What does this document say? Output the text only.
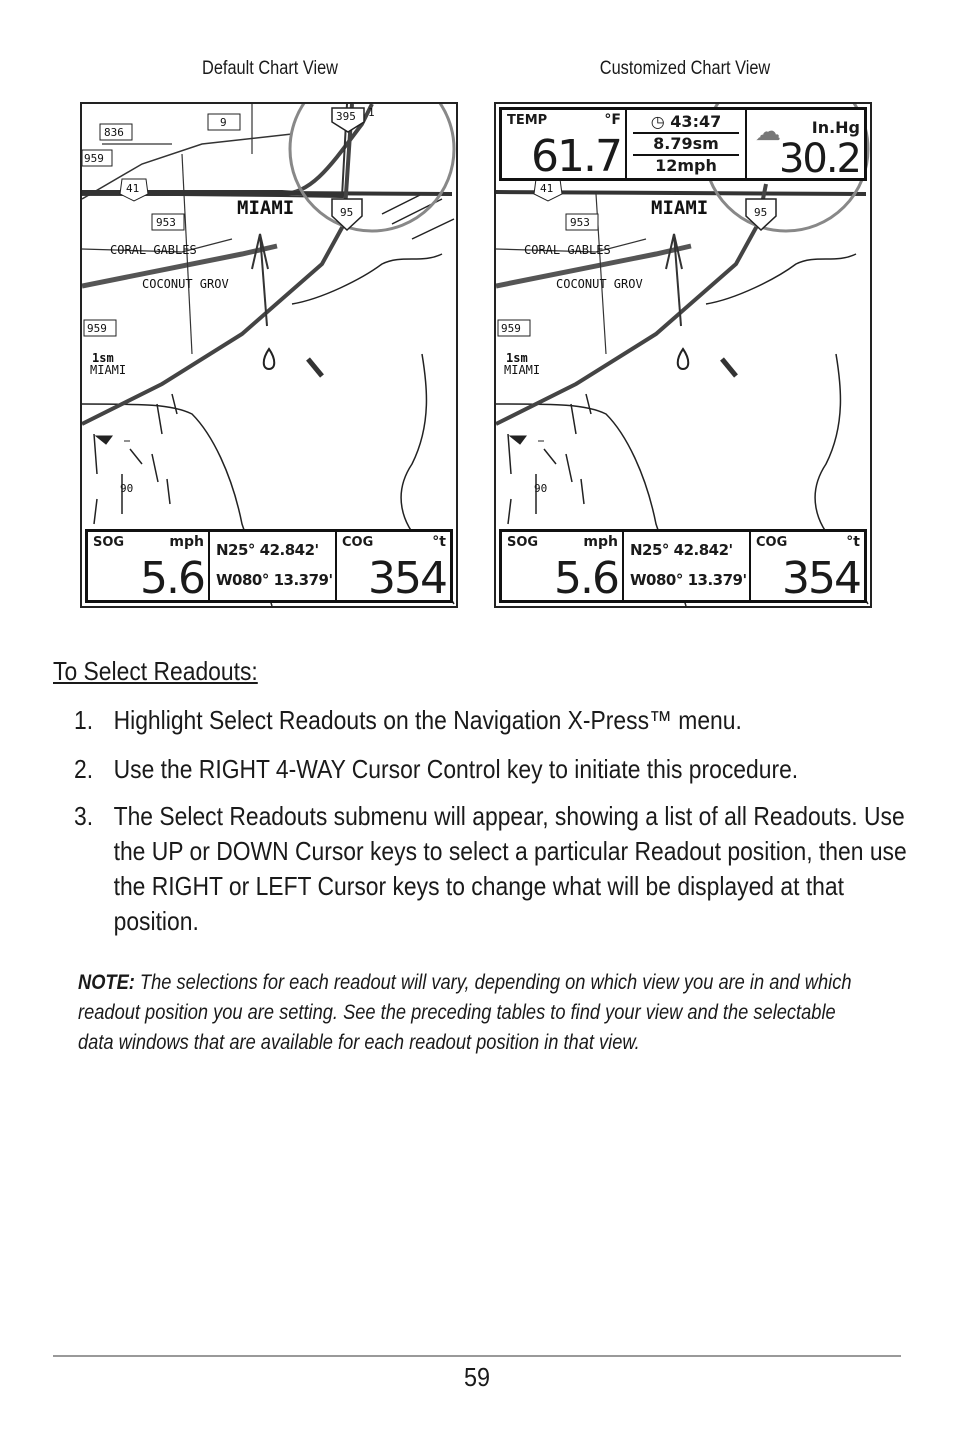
Default Chart View	Customized Chart View
836
9
959
41
953
CORAL GABLES
COCONUT GROV
959
1sm
MIAMI
MIAMI	95
395 1
90
SOG	mph
5.6
N25° 42.842'
W080° 13.379'
COG	°t
354
41
953
CORAL GABLES
COCONUT GROV
959
1sm
MIAMI
MIAMI	95
90
TEMP	°F
61.7
◷ 43:47
8.79sm
12mph
☁ In.Hg
30.2
SOG	mph
5.6
N25° 42.842'
W080° 13.379'
COG	°t
354
To Select Readouts:
1. Highlight Select Readouts on the Navigation X-Press™ menu.
2. Use the RIGHT 4-WAY Cursor Control key to initiate this procedure.
3. The Select Readouts submenu will appear, showing a list of all Readouts. Use the UP or DOWN Cursor keys to select a particular Readout position, then use the RIGHT or LEFT Cursor keys to change what will be displayed at that position.
NOTE: The selections for each readout will vary, depending on which view you are in and which readout position you are setting. See the preceding tables to find your view and the selectable data windows that are available for each readout position in that view.
59
